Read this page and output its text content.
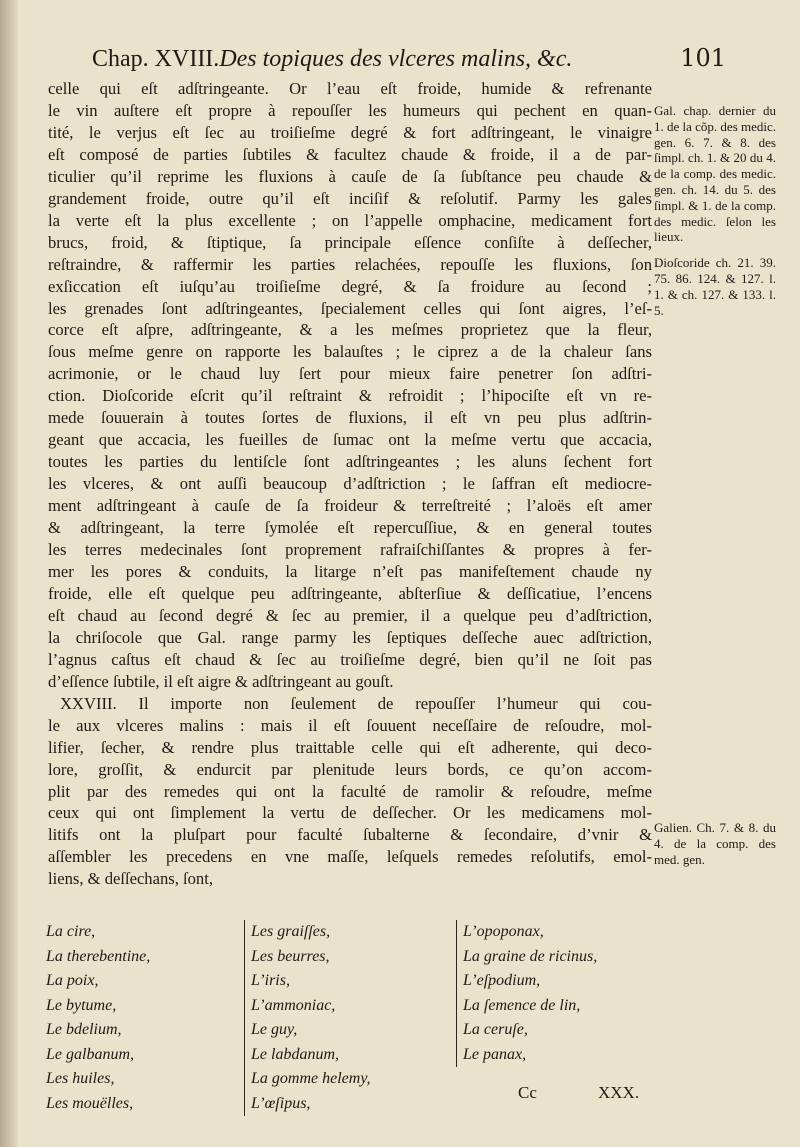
Chap. XVIII.Des topiques des vlceres malins, &c.	101
celle qui eſt adſtringeante. Or l’eau eſt froide, humide & refrenante
le vin auſtere eſt propre à repouſſer les humeurs qui pechent en quan-
tité, le verjus eſt ſec au troiſieſme degré & fort adſtringeant, le vinaigre
eſt composé de parties ſubtiles & facultez chaude & froide, il a de par-
ticulier qu’il reprime les fluxions à cauſe de ſa ſubſtance peu chaude &
grandement froide, outre qu’il eſt inciſif & reſolutif. Parmy les gales
la verte eſt la plus excellente ; on l’appelle omphacine, medicament fort
brucs, froid, & ſtiptique, ſa principale eſſence conſiſte à deſſecher,
reſtraindre, & raffermir les parties relachées, repouſſe les fluxions, ſon
exſiccation eſt iuſqu’au troiſieſme degré, & ſa froidure au ſecond ;
les grenades ſont adſtringeantes, ſpecialement celles qui ſont aigres, l’eſ-
corce eſt aſpre, adſtringeante, & a les meſmes proprietez que la fleur,
ſous meſme genre on rapporte les balauſtes ; le ciprez a de la chaleur ſans
acrimonie, or le chaud luy ſert pour mieux faire penetrer ſon adſtri-
ction. Dioſcoride eſcrit qu’il reſtraint & refroidit ; l’hipociſte eſt vn re-
mede ſouuerain à toutes ſortes de fluxions, il eſt vn peu plus adſtrin-
geant que accacia, les fueilles de ſumac ont la meſme vertu que accacia,
toutes les parties du lentiſcle ſont adſtringeantes ; les aluns ſechent fort
les vlceres, & ont auſſi beaucoup d’adſtriction ; le ſaffran eſt mediocre-
ment adſtringeant à cauſe de ſa froideur & terreſtreité ; l’aloës eſt amer
& adſtringeant, la terre ſymolée eſt repercuſſiue, & en general toutes
les terres medecinales ſont proprement rafraiſchiſſantes & propres à fer-
mer les pores & conduits, la litarge n’eſt pas manifeſtement chaude ny
froide, elle eſt quelque peu adſtringeante, abſterſiue & deſſicatiue, l’encens
eſt chaud au ſecond degré & ſec au premier, il a quelque peu d’adſtriction,
la chriſocole que Gal. range parmy les ſeptiques deſſeche auec adſtriction,
l’agnus caſtus eſt chaud & ſec au troiſieſme degré, bien qu’il ne ſoit pas
d’eſſence ſubtile, il eſt aigre & adſtringeant au gouſt.
XXVIII. Il importe non ſeulement de repouſſer l’humeur qui cou-
le aux vlceres malins : mais il eſt ſouuent neceſſaire de reſoudre, mol-
lifier, ſecher, & rendre plus traittable celle qui eſt adherente, qui deco-
lore, groſſit, & endurcit par plenitude leurs bords, ce qu’on accom-
plit par des remedes qui ont la faculté de ramolir & reſoudre, meſme
ceux qui ont ſimplement la vertu de deſſecher. Or les medicamens mol-
litifs ont la pluſpart pour faculté ſubalterne & ſecondaire, d’vnir &
aſſembler les precedens en vne maſſe, leſquels remedes reſolutifs, emol-
liens, & deſſechans, ſont,
Gal. chap. dernier du 1. de la cõp. des medic. gen. 6. 7. & 8. des ſimpl. ch. 1. & 20 du 4. de la comp. des medic. gen. ch. 14. du 5. des ſimpl. & 1. de la comp. des medic. ſelon les lieux.
Dioſcoride ch. 21. 39. 75. 86. 124. & 127. l. 1. & ch. 127. & 133. l. 5.
Galien. Ch. 7. & 8. du 4. de la comp. des med. gen.
La cire,
La therebentine,
La poix,
Le bytume,
Le bdelium,
Le galbanum,
Les huiles,
Les mouëlles,
Les graiſſes,
Les beurres,
L’iris,
L’ammoniac,
Le guy,
Le labdanum,
La gomme helemy,
L’œſipus,
L’opoponax,
La graine de ricinus,
L’eſpodium,
La ſemence de lin,
La ceruſe,
Le panax,
Cc	XXX.
